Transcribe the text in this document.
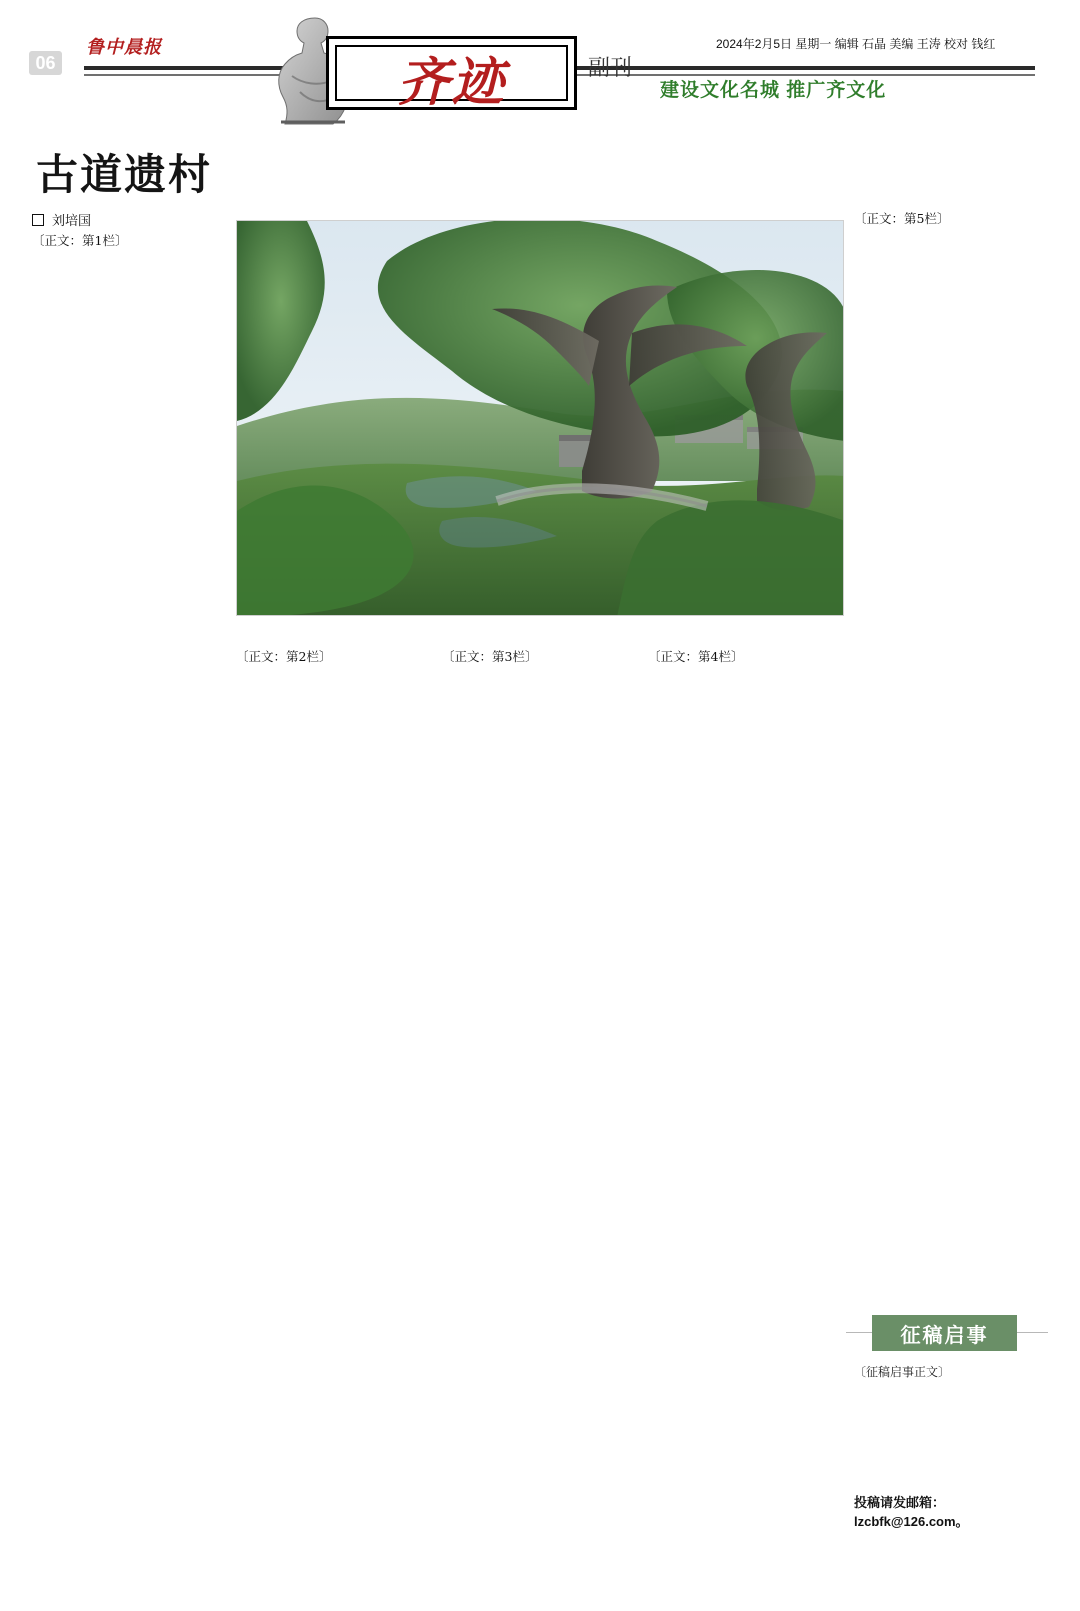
06
鲁中晨报
齐迹	副刊
2024年2月5日 星期一 编辑 石晶 美编 王涛 校对 钱红
建设文化名城 推广齐文化
古道遗村
刘培国
〔正文：第1栏〕
〔正文：第2栏〕	〔正文：第3栏〕	〔正文：第4栏〕
〔正文：第5栏〕
征稿启事
〔征稿启事正文〕
投稿请发邮箱：lzcbfk@126.com。
